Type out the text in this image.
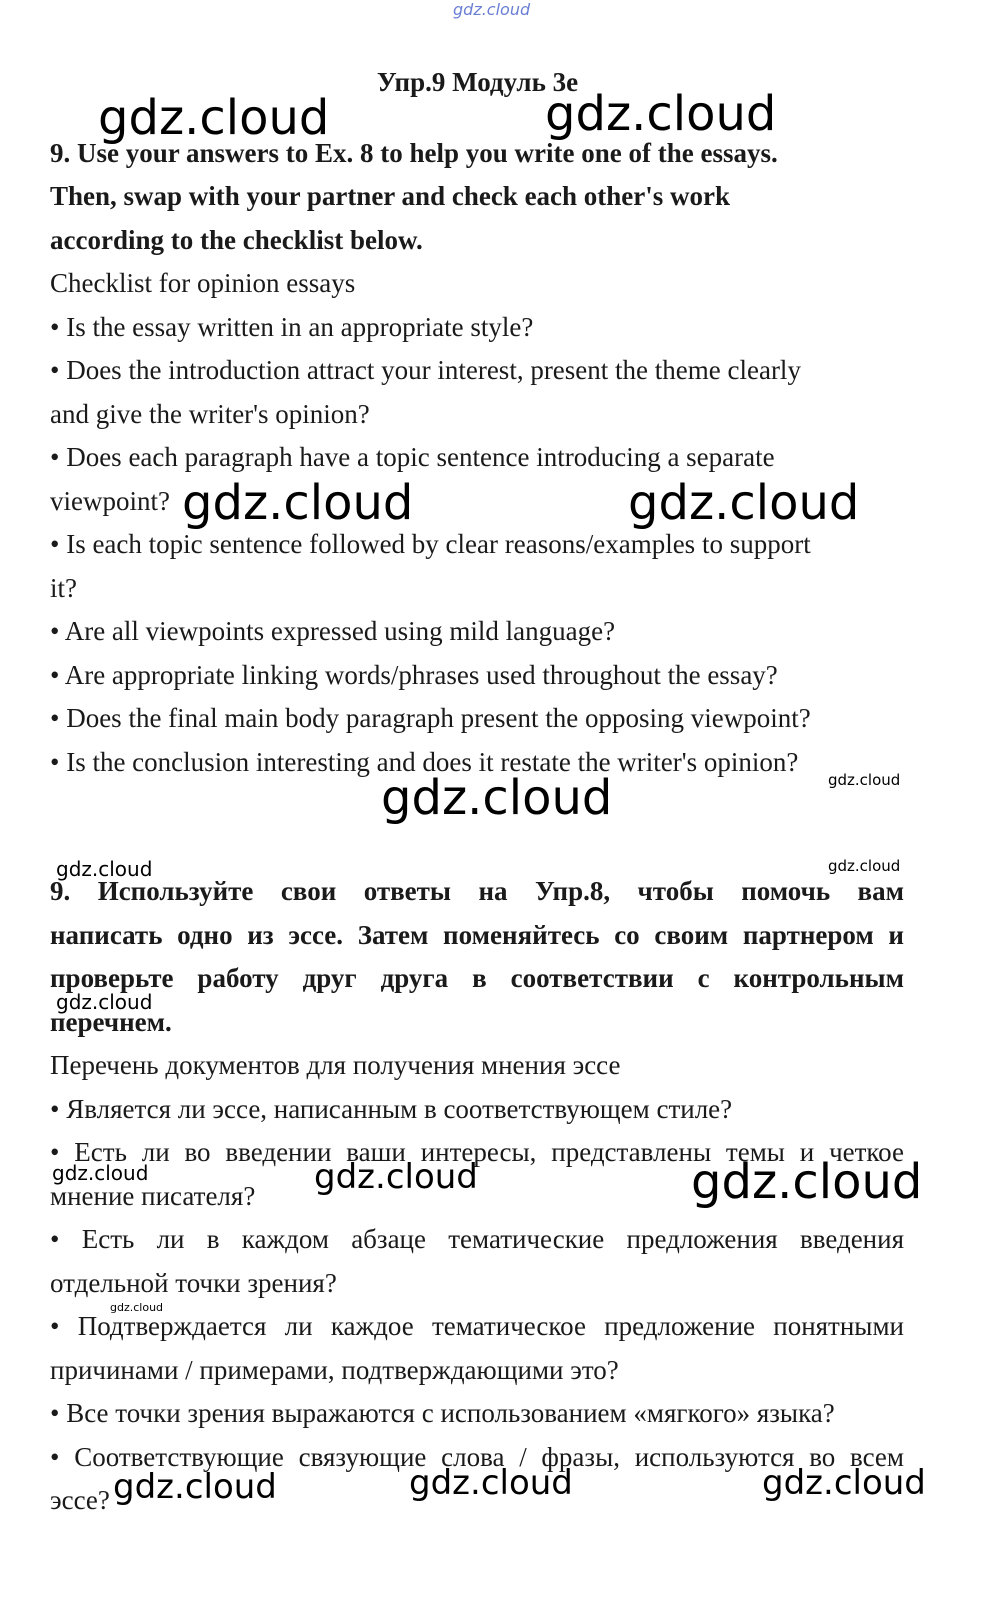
gdz.cloud
Упр.9 Модуль 3е
gdz.cloud	gdz.cloud
9. Use your answers to Ex. 8 to help you write one of the essays.
Then, swap with your partner and check each other's work
according to the checklist below.
Checklist for opinion essays
• Is the essay written in an appropriate style?
• Does the introduction attract your interest, present the theme clearly
and give the writer's opinion?
• Does each paragraph have a topic sentence introducing a separate
viewpoint?
• Is each topic sentence followed by clear reasons/examples to support
it?
• Are all viewpoints expressed using mild language?
• Are appropriate linking words/phrases used throughout the essay?
• Does the final main body paragraph present the opposing viewpoint?
• Is the conclusion interesting and does it restate the writer's opinion?
gdz.cloud	gdz.cloud
gdz.cloud
gdz.cloud
gdz.cloud	gdz.cloud
9. Используйте свои ответы на Упр.8, чтобы помочь вам
написать одно из эссе. Затем поменяйтесь со своим партнером и
проверьте работу друг друга в соответствии с контрольным
перечнем.
gdz.cloud
Перечень документов для получения мнения эссе
• Является ли эссе, написанным в соответствующем стиле?
• Есть ли во введении ваши интересы, представлены темы и четкое
мнение писателя?
• Есть ли в каждом абзаце тематические предложения введения
отдельной точки зрения?
• Подтверждается ли каждое тематическое предложение понятными
причинами / примерами, подтверждающими это?
• Все точки зрения выражаются с использованием «мягкого» языка?
• Соответствующие связующие слова / фразы, используются во всем
эссе?
gdz.cloud	gdz.cloud	gdz.cloud
gdz.cloud
gdz.cloud	gdz.cloud	gdz.cloud
